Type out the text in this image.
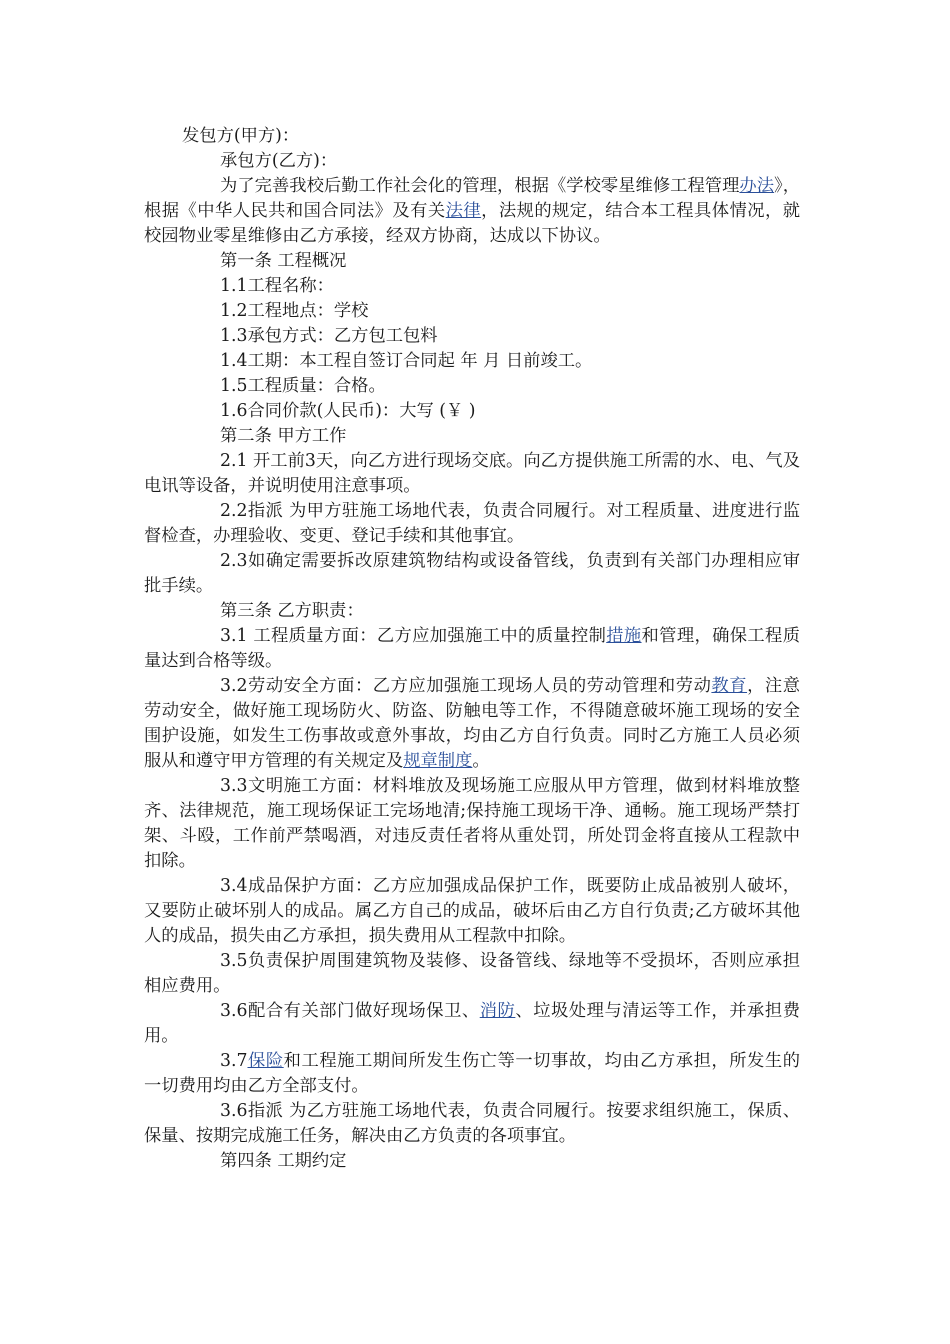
发包方(甲方)：

承包方(乙方)：

为了完善我校后勤工作社会化的管理，根据《学校零星维修工程管理办法》，根据《中华人民共和国合同法》及有关法律，法规的规定，结合本工程具体情况，就校园物业零星维修由乙方承接，经双方协商，达成以下协议。

第一条 工程概况

1.1工程名称：

1.2工程地点：学校

1.3承包方式：乙方包工包料

1.4工期：本工程自签订合同起 年 月 日前竣工。

1.5工程质量：合格。

1.6合同价款(人民币)：大写 (￥ )

第二条 甲方工作

2.1 开工前3天，向乙方进行现场交底。向乙方提供施工所需的水、电、气及电讯等设备，并说明使用注意事项。

2.2指派 为甲方驻施工场地代表，负责合同履行。对工程质量、进度进行监督检查，办理验收、变更、登记手续和其他事宜。

2.3如确定需要拆改原建筑物结构或设备管线，负责到有关部门办理相应审批手续。

第三条 乙方职责：

3.1 工程质量方面：乙方应加强施工中的质量控制措施和管理，确保工程质量达到合格等级。

3.2劳动安全方面：乙方应加强施工现场人员的劳动管理和劳动教育，注意劳动安全，做好施工现场防火、防盗、防触电等工作，不得随意破坏施工现场的安全围护设施，如发生工伤事故或意外事故，均由乙方自行负责。同时乙方施工人员必须服从和遵守甲方管理的有关规定及规章制度。

3.3文明施工方面：材料堆放及现场施工应服从甲方管理，做到材料堆放整齐、法律规范，施工现场保证工完场地清;保持施工现场干净、通畅。施工现场严禁打架、斗殴，工作前严禁喝酒，对违反责任者将从重处罚，所处罚金将直接从工程款中扣除。

3.4成品保护方面：乙方应加强成品保护工作，既要防止成品被别人破坏，又要防止破坏别人的成品。属乙方自己的成品，破坏后由乙方自行负责;乙方破坏其他人的成品，损失由乙方承担，损失费用从工程款中扣除。

3.5负责保护周围建筑物及装修、设备管线、绿地等不受损坏，否则应承担相应费用。

3.6配合有关部门做好现场保卫、消防、垃圾处理与清运等工作，并承担费用。

3.7保险和工程施工期间所发生伤亡等一切事故，均由乙方承担，所发生的一切费用均由乙方全部支付。

3.6指派 为乙方驻施工场地代表，负责合同履行。按要求组织施工，保质、保量、按期完成施工任务，解决由乙方负责的各项事宜。

第四条 工期约定
